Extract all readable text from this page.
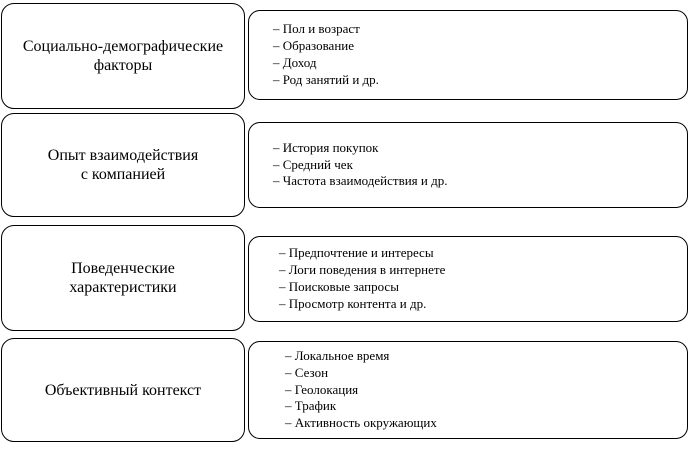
Социально-демографические
факторы
– Пол и возраст
– Образование
– Доход
– Род занятий и др.
Опыт взаимодействия
с компанией
– История покупок
– Средний чек
– Частота взаимодействия и др.
Поведенческие
характеристики
– Предпочтение и интересы
– Логи поведения в интернете
– Поисковые запросы
– Просмотр контента и др.
Объективный контекст
– Локальное время
– Сезон
– Геолокация
– Трафик
– Активность окружающих
